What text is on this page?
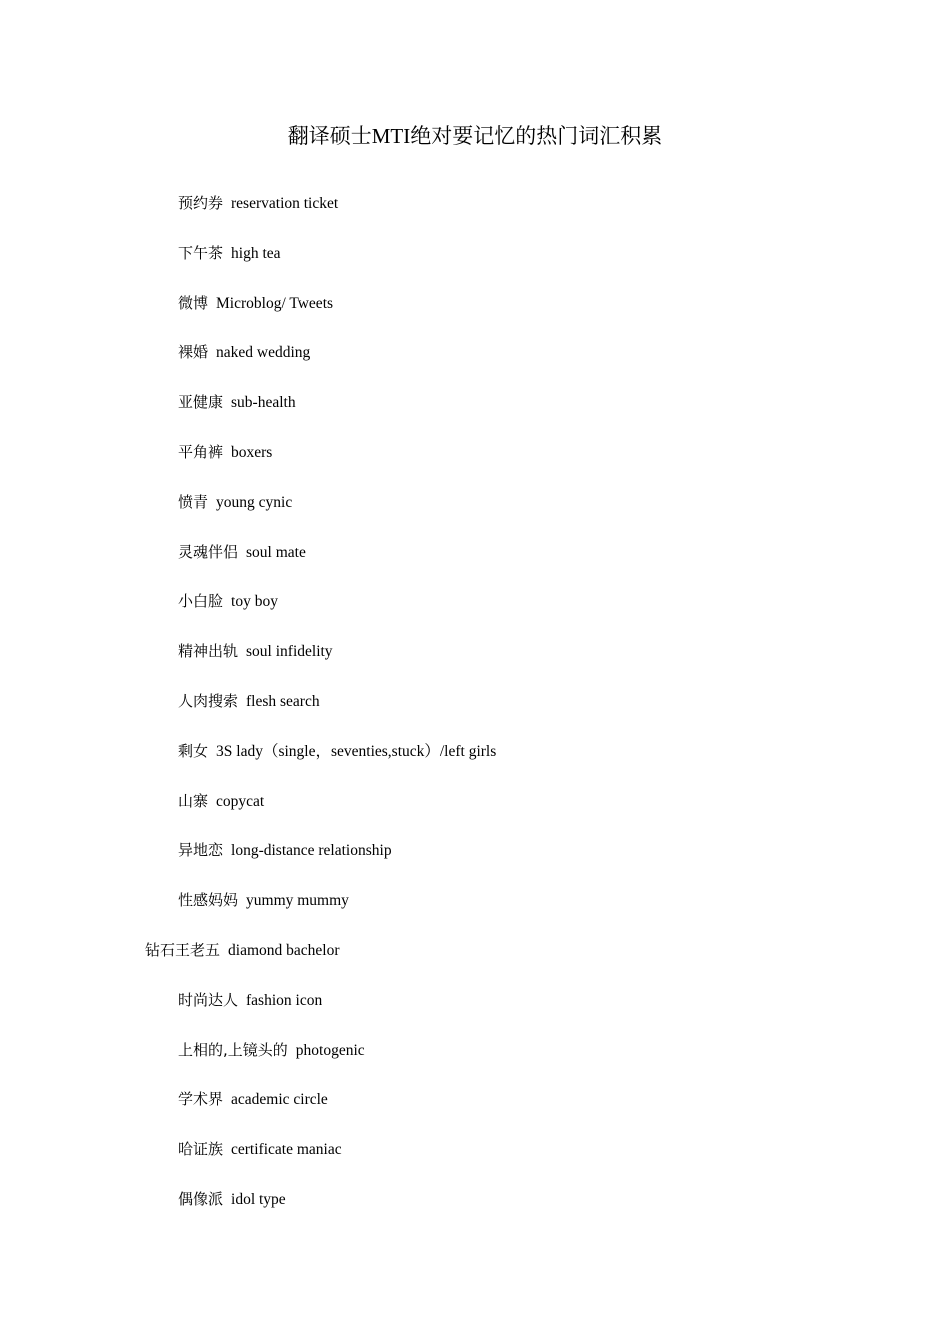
翻译硕士MTI绝对要记忆的热门词汇积累
预约券 reservation ticket
下午茶 high tea
微博 Microblog/ Tweets
裸婚 naked wedding
亚健康 sub-health
平角裤 boxers
愤青 young cynic
灵魂伴侣 soul mate
小白脸 toy boy
精神出轨 soul infidelity
人肉搜索 flesh search
剩女 3S lady（single，seventies,stuck）/left girls
山寨 copycat
异地恋 long-distance relationship
性感妈妈 yummy mummy
钻石王老五 diamond bachelor
时尚达人 fashion icon
上相的,上镜头的 photogenic
学术界 academic circle
哈证族 certificate maniac
偶像派 idol type
